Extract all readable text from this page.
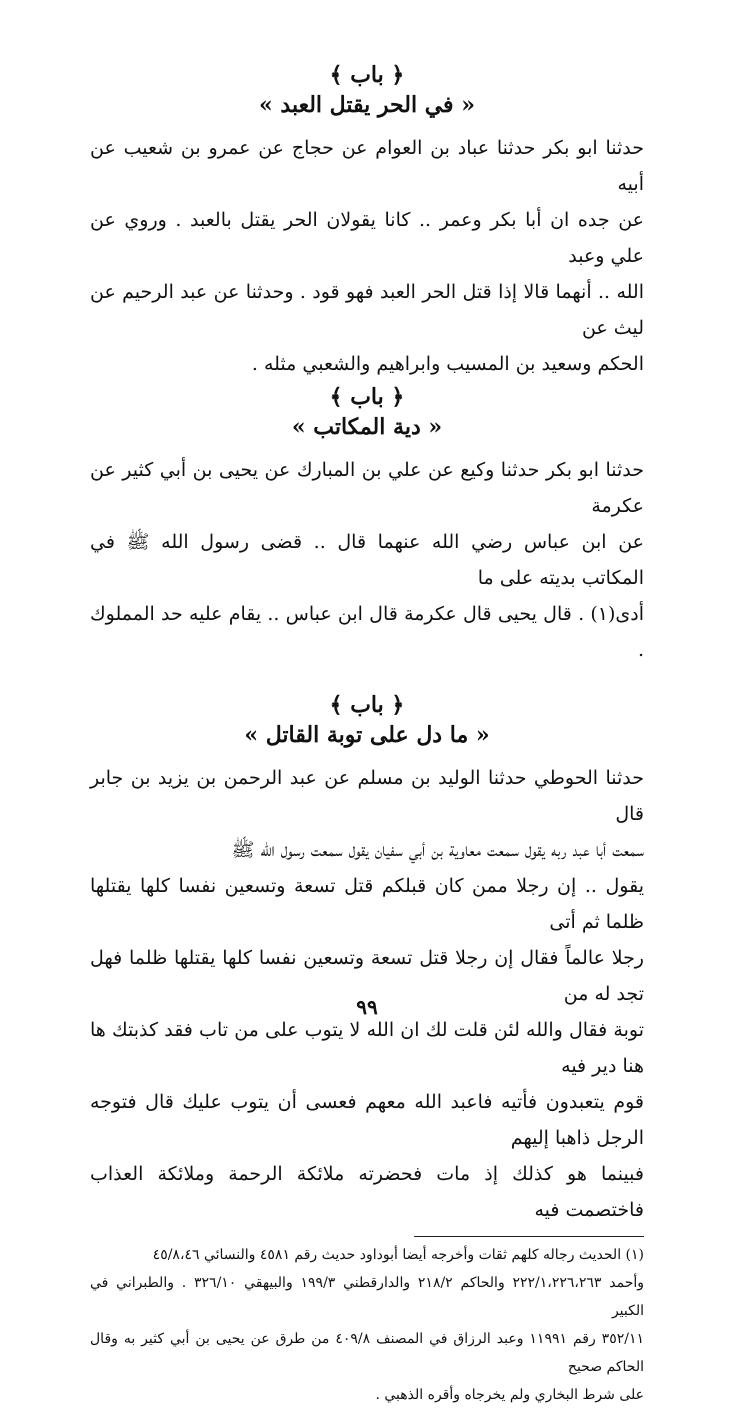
﴿ باب ﴾

« في الحر يقتل العبد »

حدثنا ابو بكر حدثنا عباد بن العوام عن حجاج عن عمرو بن شعيب عن أبيه

عن جده ان أبا بكر وعمر .. كانا يقولان الحر يقتل بالعبد . وروي عن علي وعبد

الله .. أنهما قالا إذا قتل الحر العبد فهو قود . وحدثنا عن عبد الرحيم عن ليث عن

الحكم وسعيد بن المسيب وابراهيم والشعبي مثله .

﴿ باب ﴾

« دية المكاتب »

حدثنا ابو بكر حدثنا وكيع عن علي بن المبارك عن يحيى بن أبي كثير عن عكرمة

عن ابن عباس رضي الله عنهما قال .. قضى رسول الله ﷺ في المكاتب بديته على ما

أدى(١) . قال يحيى قال عكرمة قال ابن عباس .. يقام عليه حد المملوك .

﴿ باب ﴾

« ما دل على توبة القاتل »

حدثنا الحوطي حدثنا الوليد بن مسلم عن عبد الرحمن بن يزيد بن جابر قال

سمعت أبا عبد ربه يقول سمعت معاوية بن أبي سفيان يقول سمعت رسول الله ﷺ

يقول .. إن رجلا ممن كان قبلكم قتل تسعة وتسعين نفسا كلها يقتلها ظلما ثم أتى

رجلا عالماً فقال إن رجلا قتل تسعة وتسعين نفسا كلها يقتلها ظلما فهل تجد له من

توبة فقال والله لئن قلت لك ان الله لا يتوب على من تاب فقد كذبتك ها هنا دير فيه

قوم يتعبدون فأتيه فاعبد الله معهم فعسى أن يتوب عليك قال فتوجه الرجل ذاهبا إليهم

فبينما هو كذلك إذ مات فحضرته ملائكة الرحمة وملائكة العذاب فاختصمت فيه

(١) الحديث رجاله كلهم ثقات وأخرجه أيضا أبوداود حديث رقم ٤٥٨١ والنسائي ٤٥/٨،٤٦

وأحمد ٢٢٢/١،٢٢٦،٢٦٣ والحاكم ٢١٨/٢ والدارقطني ١٩٩/٣ والبيهقي ٣٢٦/١٠ . والطبراني في الكبير

٣٥٢/١١ رقم ١١٩٩١ وعبد الرزاق في المصنف ٤٠٩/٨ من طرق عن يحيى بن أبي كثير به وقال الحاكم صحيح

على شرط البخاري ولم يخرجاه وأقره الذهبي .

٩٩
